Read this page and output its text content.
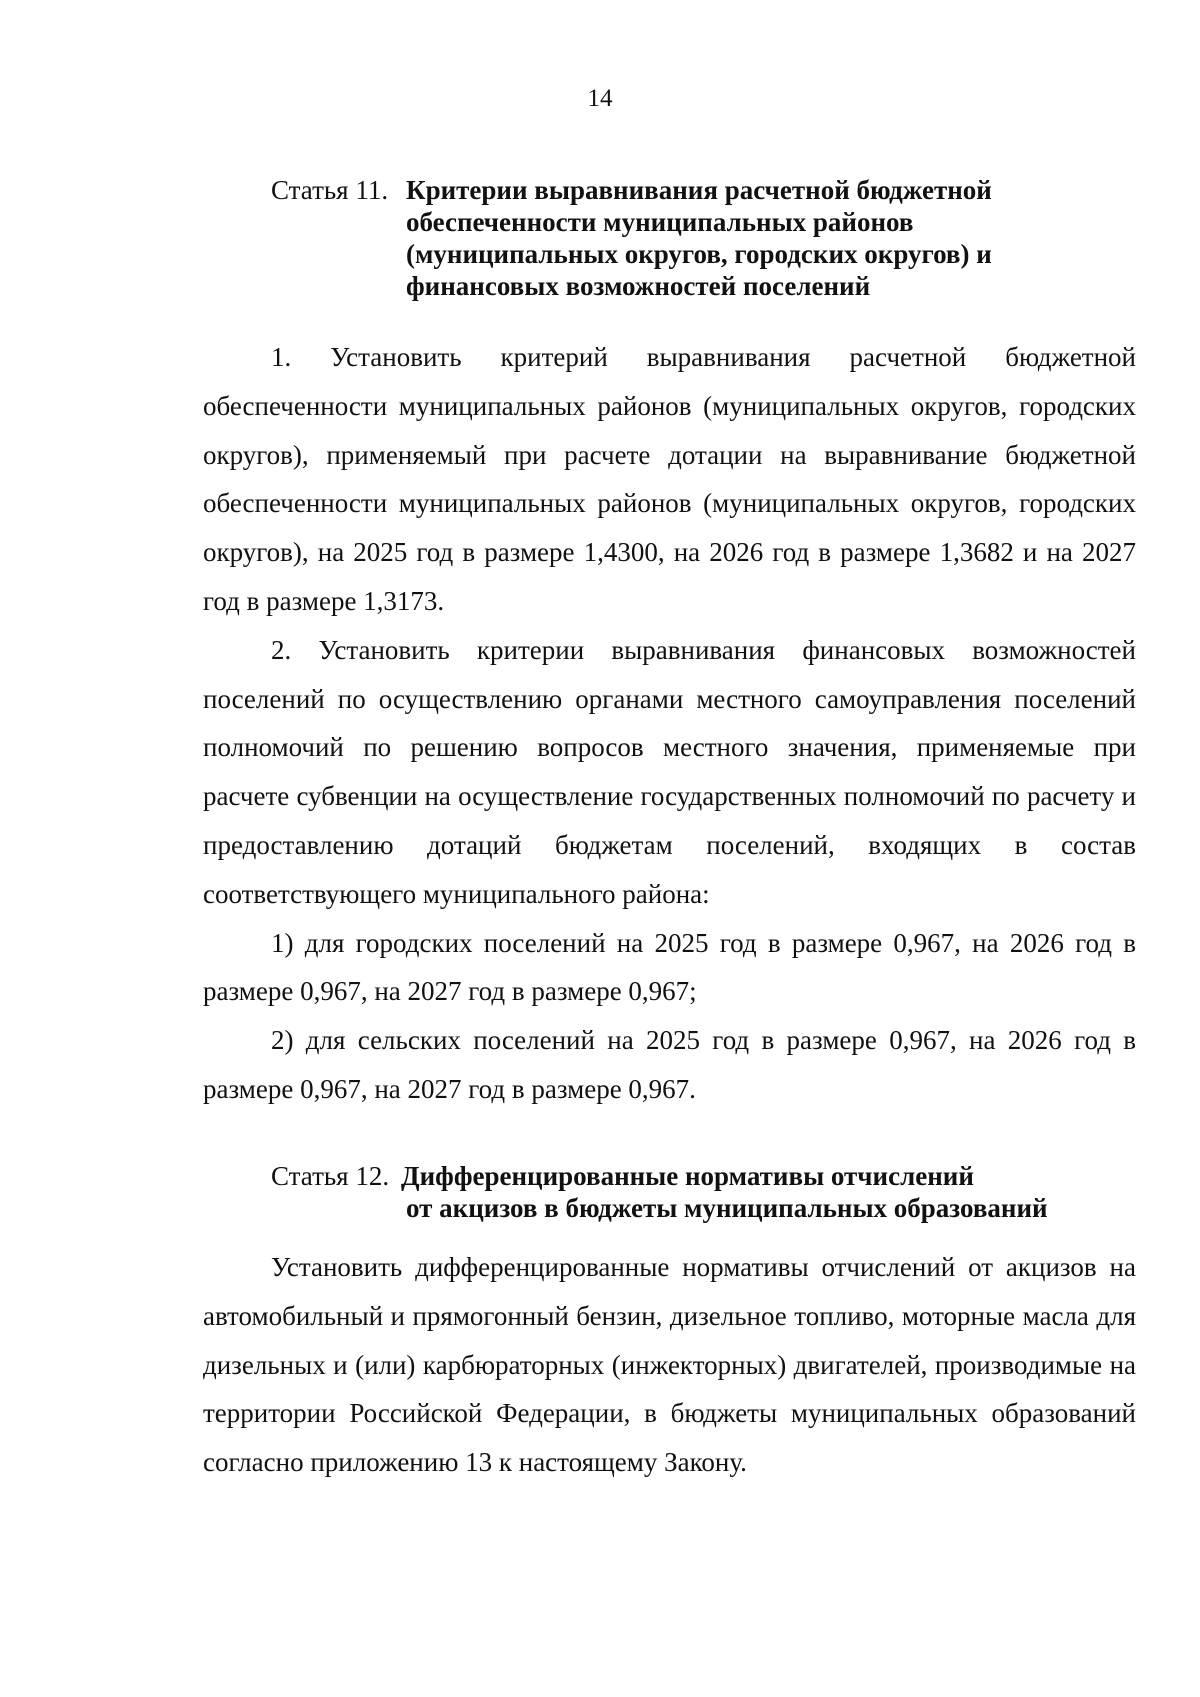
14
Статья 11. Критерии выравнивания расчетной бюджетной
обеспеченности муниципальных районов
(муниципальных округов, городских округов) и
финансовых возможностей поселений

1. Установить критерий выравнивания расчетной бюджетной обеспеченности муниципальных районов (муниципальных округов, городских округов), применяемый при расчете дотации на выравнивание бюджетной обеспеченности муниципальных районов (муниципальных округов, городских округов), на 2025 год в размере 1,4300, на 2026 год в размере 1,3682 и на 2027 год в размере 1,3173.

2. Установить критерии выравнивания финансовых возможностей поселений по осуществлению органами местного самоуправления поселений полномочий по решению вопросов местного значения, применяемые при расчете субвенции на осуществление государственных полномочий по расчету и предоставлению дотаций бюджетам поселений, входящих в состав соответствующего муниципального района:

1) для городских поселений на 2025 год в размере 0,967, на 2026 год в размере 0,967, на 2027 год в размере 0,967;

2) для сельских поселений на 2025 год в размере 0,967, на 2026 год в размере 0,967, на 2027 год в размере 0,967.

Статья 12. Дифференцированные нормативы отчислений
от акцизов в бюджеты муниципальных образований

Установить дифференцированные нормативы отчислений от акцизов на автомобильный и прямогонный бензин, дизельное топливо, моторные масла для дизельных и (или) карбюраторных (инжекторных) двигателей, производимые на территории Российской Федерации, в бюджеты муниципальных образований согласно приложению 13 к настоящему Закону.
